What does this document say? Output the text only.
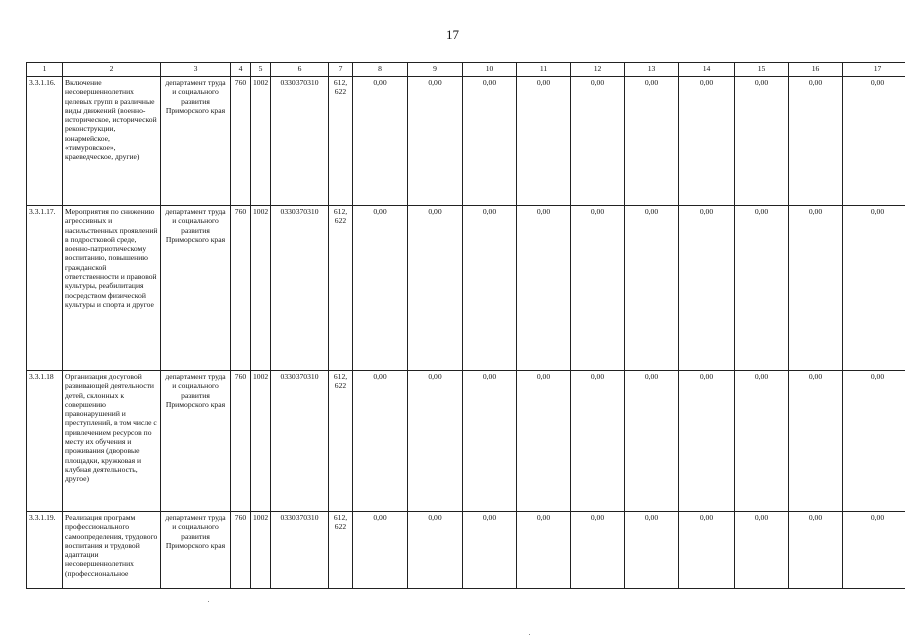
17
1	2	3	4	5	6	7	8	9	10	11	12	13	14	15	16	17
3.3.1.16.	Включение несовершеннолетних целевых групп в различные виды движений (военно-историческое, исторической реконструкции, юнармейское, «тимуровское», краеведческое, другие)	департамент труда и социального развития Приморского края	760	1002	0330370310	612, 622	0,00	0,00	0,00	0,00	0,00	0,00	0,00	0,00	0,00	0,00
3.3.1.17.	Мероприятия по снижению агрессивных и насильственных проявлений в подростковой среде, военно-патриотическому воспитанию, повышению гражданской ответственности и правовой культуры, реабилитация посредством физической культуры и спорта и другое	департамент труда и социального развития Приморского края	760	1002	0330370310	612, 622	0,00	0,00	0,00	0,00	0,00	0,00	0,00	0,00	0,00	0,00
3.3.1.18	Организация досуговой развивающей деятельности детей, склонных к совершению правонарушений и преступлений, в том числе с привлечением ресурсов по месту их обучения и проживания (дворовые площадки, кружковая и клубная деятельность, другое)	департамент труда и социального развития Приморского края	760	1002	0330370310	612, 622	0,00	0,00	0,00	0,00	0,00	0,00	0,00	0,00	0,00	0,00
3.3.1.19.	Реализация программ профессионального самоопределения, трудового воспитания и трудовой адаптации несовершеннолетних (профессиональное	департамент труда и социального развития Приморского края	760	1002	0330370310	612, 622	0,00	0,00	0,00	0,00	0,00	0,00	0,00	0,00	0,00	0,00
